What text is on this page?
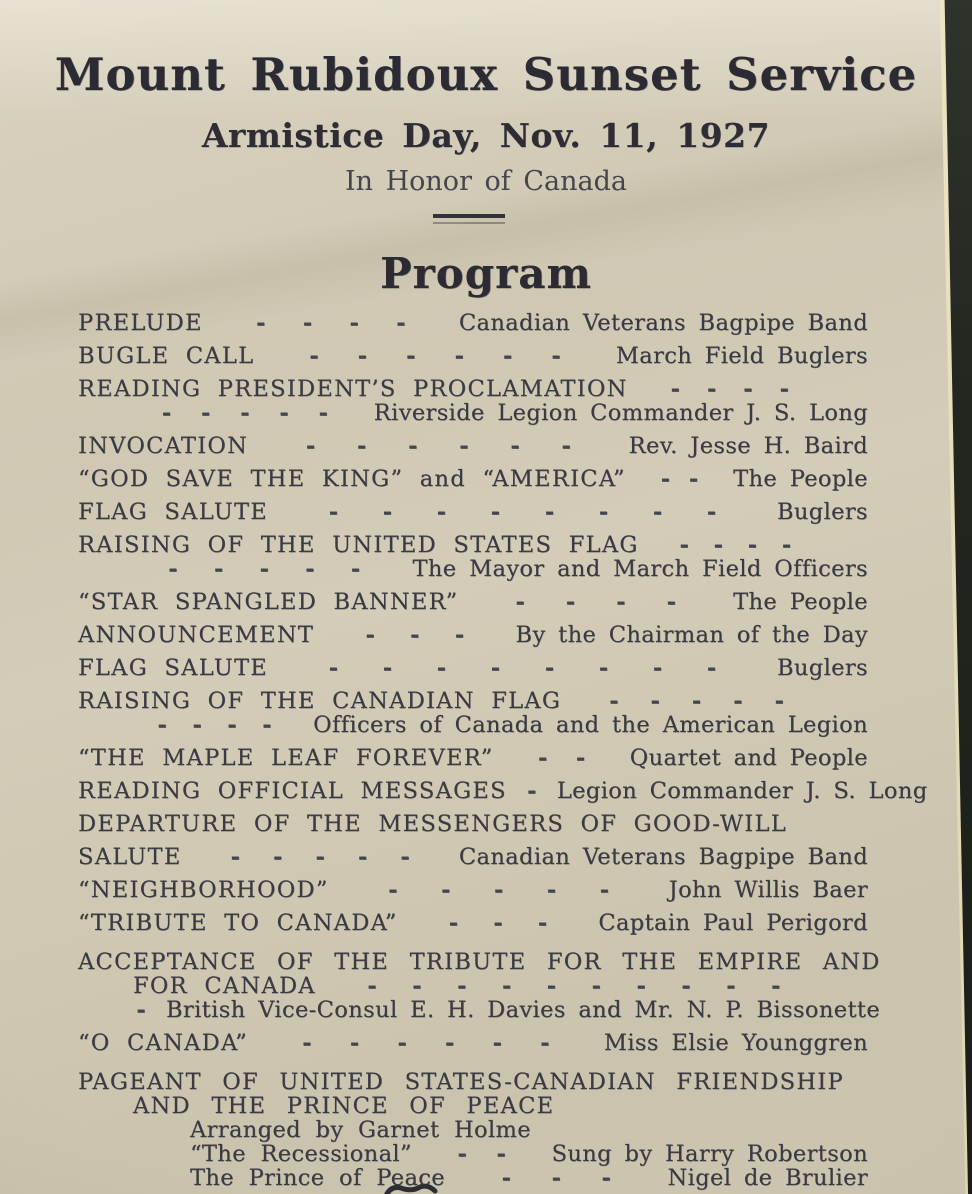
Mount Rubidoux Sunset Service
Armistice Day, Nov. 11, 1927
In Honor of Canada
Program
PRELUDE - - - - Canadian Veterans Bagpipe Band
BUGLE CALL - - - - - - March Field Buglers
READING PRESIDENT’S PROCLAMATION - - - -
- - - - - Riverside Legion Commander J. S. Long
INVOCATION	- - - - - -	Rev. Jesse H. Baird
“GOD SAVE THE KING” and “AMERICA” - - The People
FLAG SALUTE	- - - - - - - -	Buglers
RAISING OF THE UNITED STATES FLAG - - - -
- - - - - The Mayor and March Field Officers
“STAR SPANGLED BANNER”	- - - -	The People
ANNOUNCEMENT - - - By the Chairman of the Day
FLAG SALUTE	- - - - - - - -	Buglers
RAISING OF THE CANADIAN FLAG - - - - -
- - - - Officers of Canada and the American Legion
“THE MAPLE LEAF FOREVER” - - Quartet and People
READING OFFICIAL MESSAGES - Legion Commander J. S. Long
DEPARTURE OF THE MESSENGERS OF GOOD-WILL
SALUTE - - - - - Canadian Veterans Bagpipe Band
“NEIGHBORHOOD”	- - - - -	John Willis Baer
“TRIBUTE TO CANADA” - - - Captain Paul Perigord
ACCEPTANCE OF THE TRIBUTE FOR THE EMPIRE AND
FOR CANADA - - - - - - - - - -
- British Vice-Consul E. H. Davies and Mr. N. P. Bissonette
“O CANADA” - - - - - - Miss Elsie Younggren
PAGEANT OF UNITED STATES-CANADIAN FRIENDSHIP
AND THE PRINCE OF PEACE
Arranged by Garnet Holme
“The Recessional” - - Sung by Harry Robertson
The Prince of Peace	- - -	Nigel de Brulier
